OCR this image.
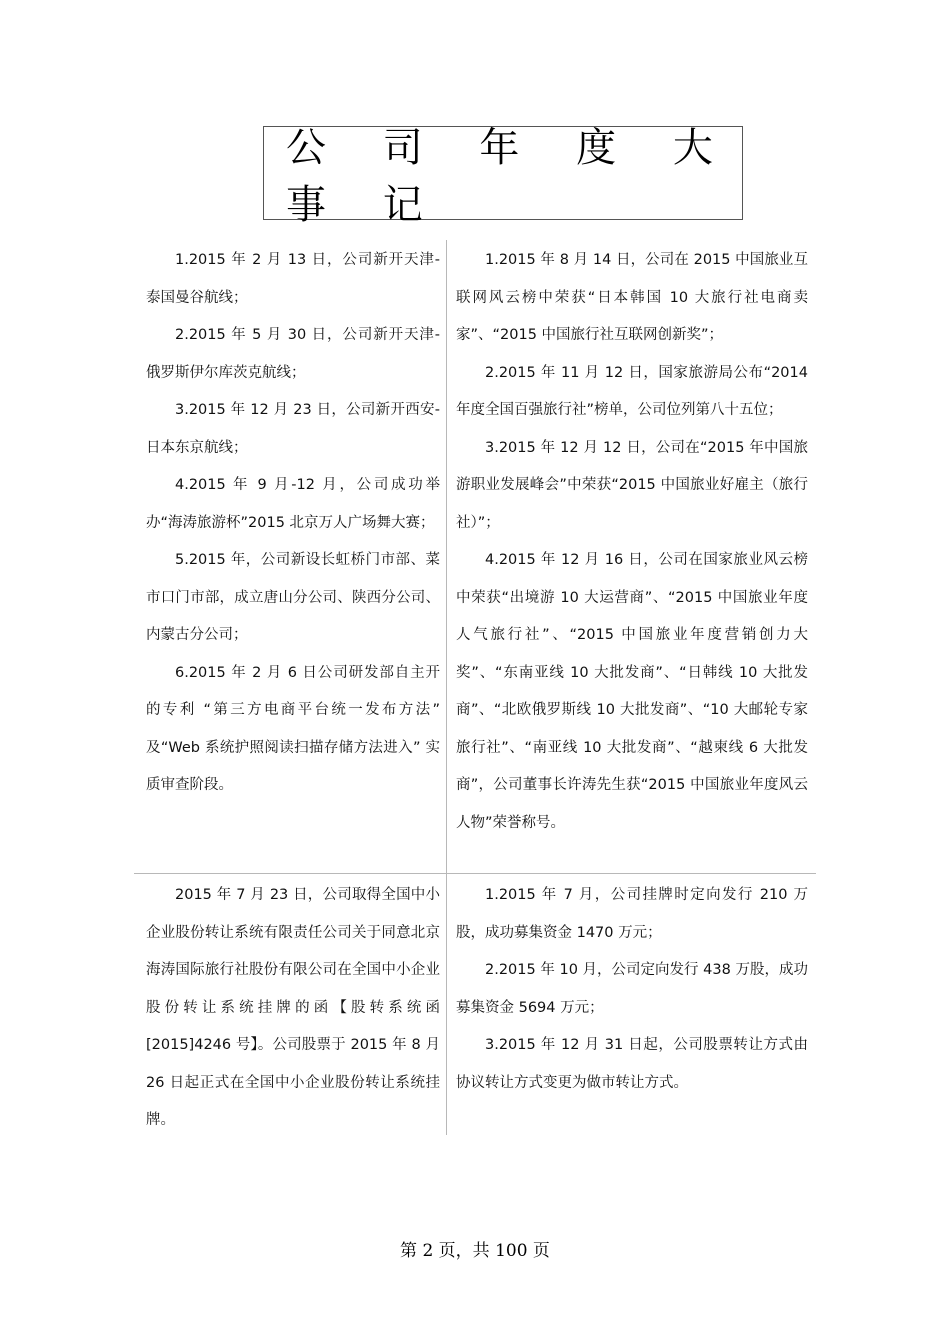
公 司 年 度 大 事 记

1.2015 年 2 月 13 日，公司新开天津-泰国曼谷航线；

2.2015 年 5 月 30 日，公司新开天津-俄罗斯伊尔库茨克航线；

3.2015 年 12 月 23 日，公司新开西安-日本东京航线；

4.2015 年 9 月-12 月，公司成功举办“海涛旅游杯”2015 北京万人广场舞大赛；

5.2015 年，公司新设长虹桥门市部、菜市口门市部，成立唐山分公司、陕西分公司、内蒙古分公司；

6.2015 年 2 月 6 日公司研发部自主开的专利 “第三方电商平台统一发布方法” 及“Web 系统护照阅读扫描存储方法进入” 实质审查阶段。

1.2015 年 8 月 14 日，公司在 2015 中国旅业互联网风云榜中荣获“日本韩国 10 大旅行社电商卖家”、“2015 中国旅行社互联网创新奖”；

2.2015 年 11 月 12 日，国家旅游局公布“2014 年度全国百强旅行社”榜单，公司位列第八十五位；

3.2015 年 12 月 12 日，公司在“2015 年中国旅游职业发展峰会”中荣获“2015 中国旅业好雇主（旅行社）”；

4.2015 年 12 月 16 日，公司在国家旅业风云榜中荣获“出境游 10 大运营商”、“2015 中国旅业年度人气旅行社”、“2015 中国旅业年度营销创力大奖”、“东南亚线 10 大批发商”、“日韩线 10 大批发商”、“北欧俄罗斯线 10 大批发商”、“10 大邮轮专家旅行社”、“南亚线 10 大批发商”、“越柬线 6 大批发商”，公司董事长许涛先生获“2015 中国旅业年度风云人物”荣誉称号。

2015 年 7 月 23 日，公司取得全国中小企业股份转让系统有限责任公司关于同意北京海涛国际旅行社股份有限公司在全国中小企业股份转让系统挂牌的函【股转系统函[2015]4246 号】。公司股票于 2015 年 8 月 26 日起正式在全国中小企业股份转让系统挂牌。

1.2015 年 7 月，公司挂牌时定向发行 210 万股，成功募集资金 1470 万元；

2.2015 年 10 月，公司定向发行 438 万股，成功募集资金 5694 万元；

3.2015 年 12 月 31 日起，公司股票转让方式由协议转让方式变更为做市转让方式。

第 2 页，共 100 页
